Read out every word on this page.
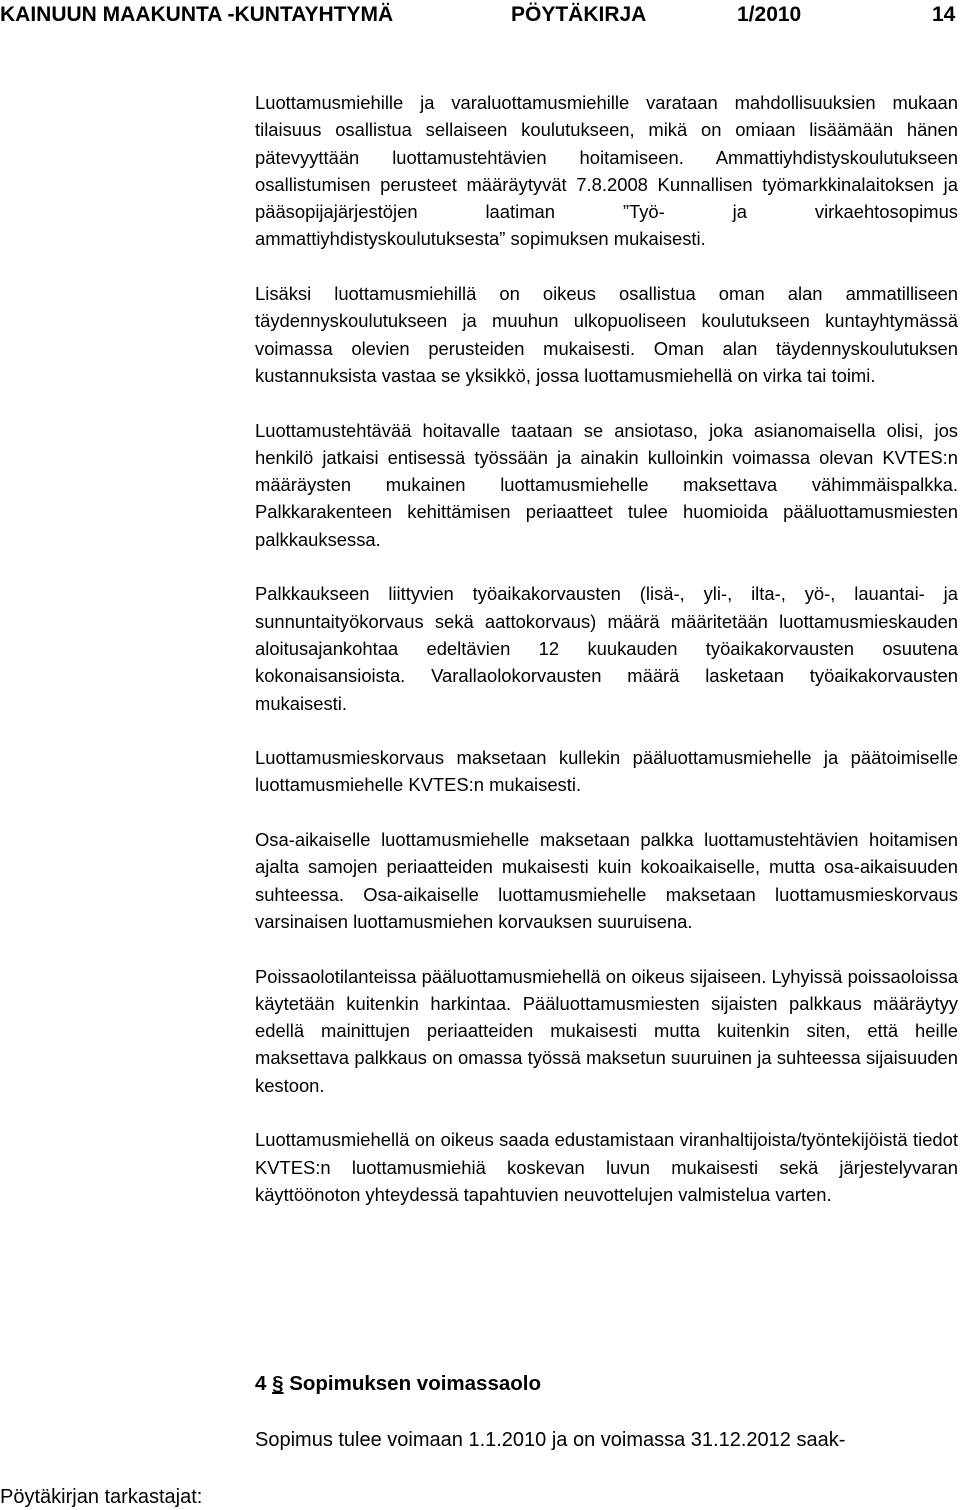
KAINUUN MAAKUNTA -KUNTAYHTYMÄ	PÖYTÄKIRJA	1/2010	14

Luottamusmiehille ja varaluottamusmiehille varataan mahdollisuuksien mukaan tilaisuus osallistua sellaiseen koulutukseen, mikä on omiaan lisäämään hänen pätevyyttään luottamustehtävien hoitamiseen. Ammattiyhdistyskoulutukseen osallistumisen perusteet määräytyvät 7.8.2008 Kunnallisen työmarkkinalaitoksen ja pääsopijajärjestöjen laatiman ”Työ- ja virkaehtosopimus ammattiyhdistyskoulutuksesta” sopimuksen mukaisesti.

Lisäksi luottamusmiehillä on oikeus osallistua oman alan ammatilliseen täydennyskoulutukseen ja muuhun ulkopuoliseen koulutukseen kuntayhtymässä voimassa olevien perusteiden mukaisesti. Oman alan täydennyskoulutuksen kustannuksista vastaa se yksikkö, jossa luottamusmiehellä on virka tai toimi.

Luottamustehtävää hoitavalle taataan se ansiotaso, joka asianomaisella olisi, jos henkilö jatkaisi entisessä työssään ja ainakin kulloinkin voimassa olevan KVTES:n määräysten mukainen luottamusmiehelle maksettava vähimmäispalkka. Palkkarakenteen kehittämisen periaatteet tulee huomioida pääluottamusmiesten palkkauksessa.

Palkkaukseen liittyvien työaikakorvausten (lisä-, yli-, ilta-, yö-, lauantai- ja sunnuntaityökorvaus sekä aattokorvaus) määrä määritetään luottamusmieskauden aloitusajankohtaa edeltävien 12 kuukauden työaikakorvausten osuutena kokonaisansioista. Varallaolokorvausten määrä lasketaan työaikakorvausten mukaisesti.

Luottamusmieskorvaus maksetaan kullekin pääluottamusmiehelle ja päätoimiselle luottamusmiehelle KVTES:n mukaisesti.

Osa-aikaiselle luottamusmiehelle maksetaan palkka luottamustehtävien hoitamisen ajalta samojen periaatteiden mukaisesti kuin kokoaikaiselle, mutta osa-aikaisuuden suhteessa. Osa-aikaiselle luottamusmiehelle maksetaan luottamusmieskorvaus varsinaisen luottamusmiehen korvauksen suuruisena.

Poissaolotilanteissa pääluottamusmiehellä on oikeus sijaiseen. Lyhyissä poissaoloissa käytetään kuitenkin harkintaa. Pääluottamusmiesten sijaisten palkkaus määräytyy edellä mainittujen periaatteiden mukaisesti mutta kuitenkin siten, että heille maksettava palkkaus on omassa työssä maksetun suuruinen ja suhteessa sijaisuuden kestoon.

Luottamusmiehellä on oikeus saada edustamistaan viranhaltijoista/työntekijöistä tiedot KVTES:n luottamusmiehiä koskevan luvun mukaisesti sekä järjestelyvaran käyttöönoton yhteydessä tapahtuvien neuvottelujen valmistelua varten.

4 § Sopimuksen voimassaolo
Sopimus tulee voimaan 1.1.2010 ja on voimassa 31.12.2012 saak-
Pöytäkirjan tarkastajat:
